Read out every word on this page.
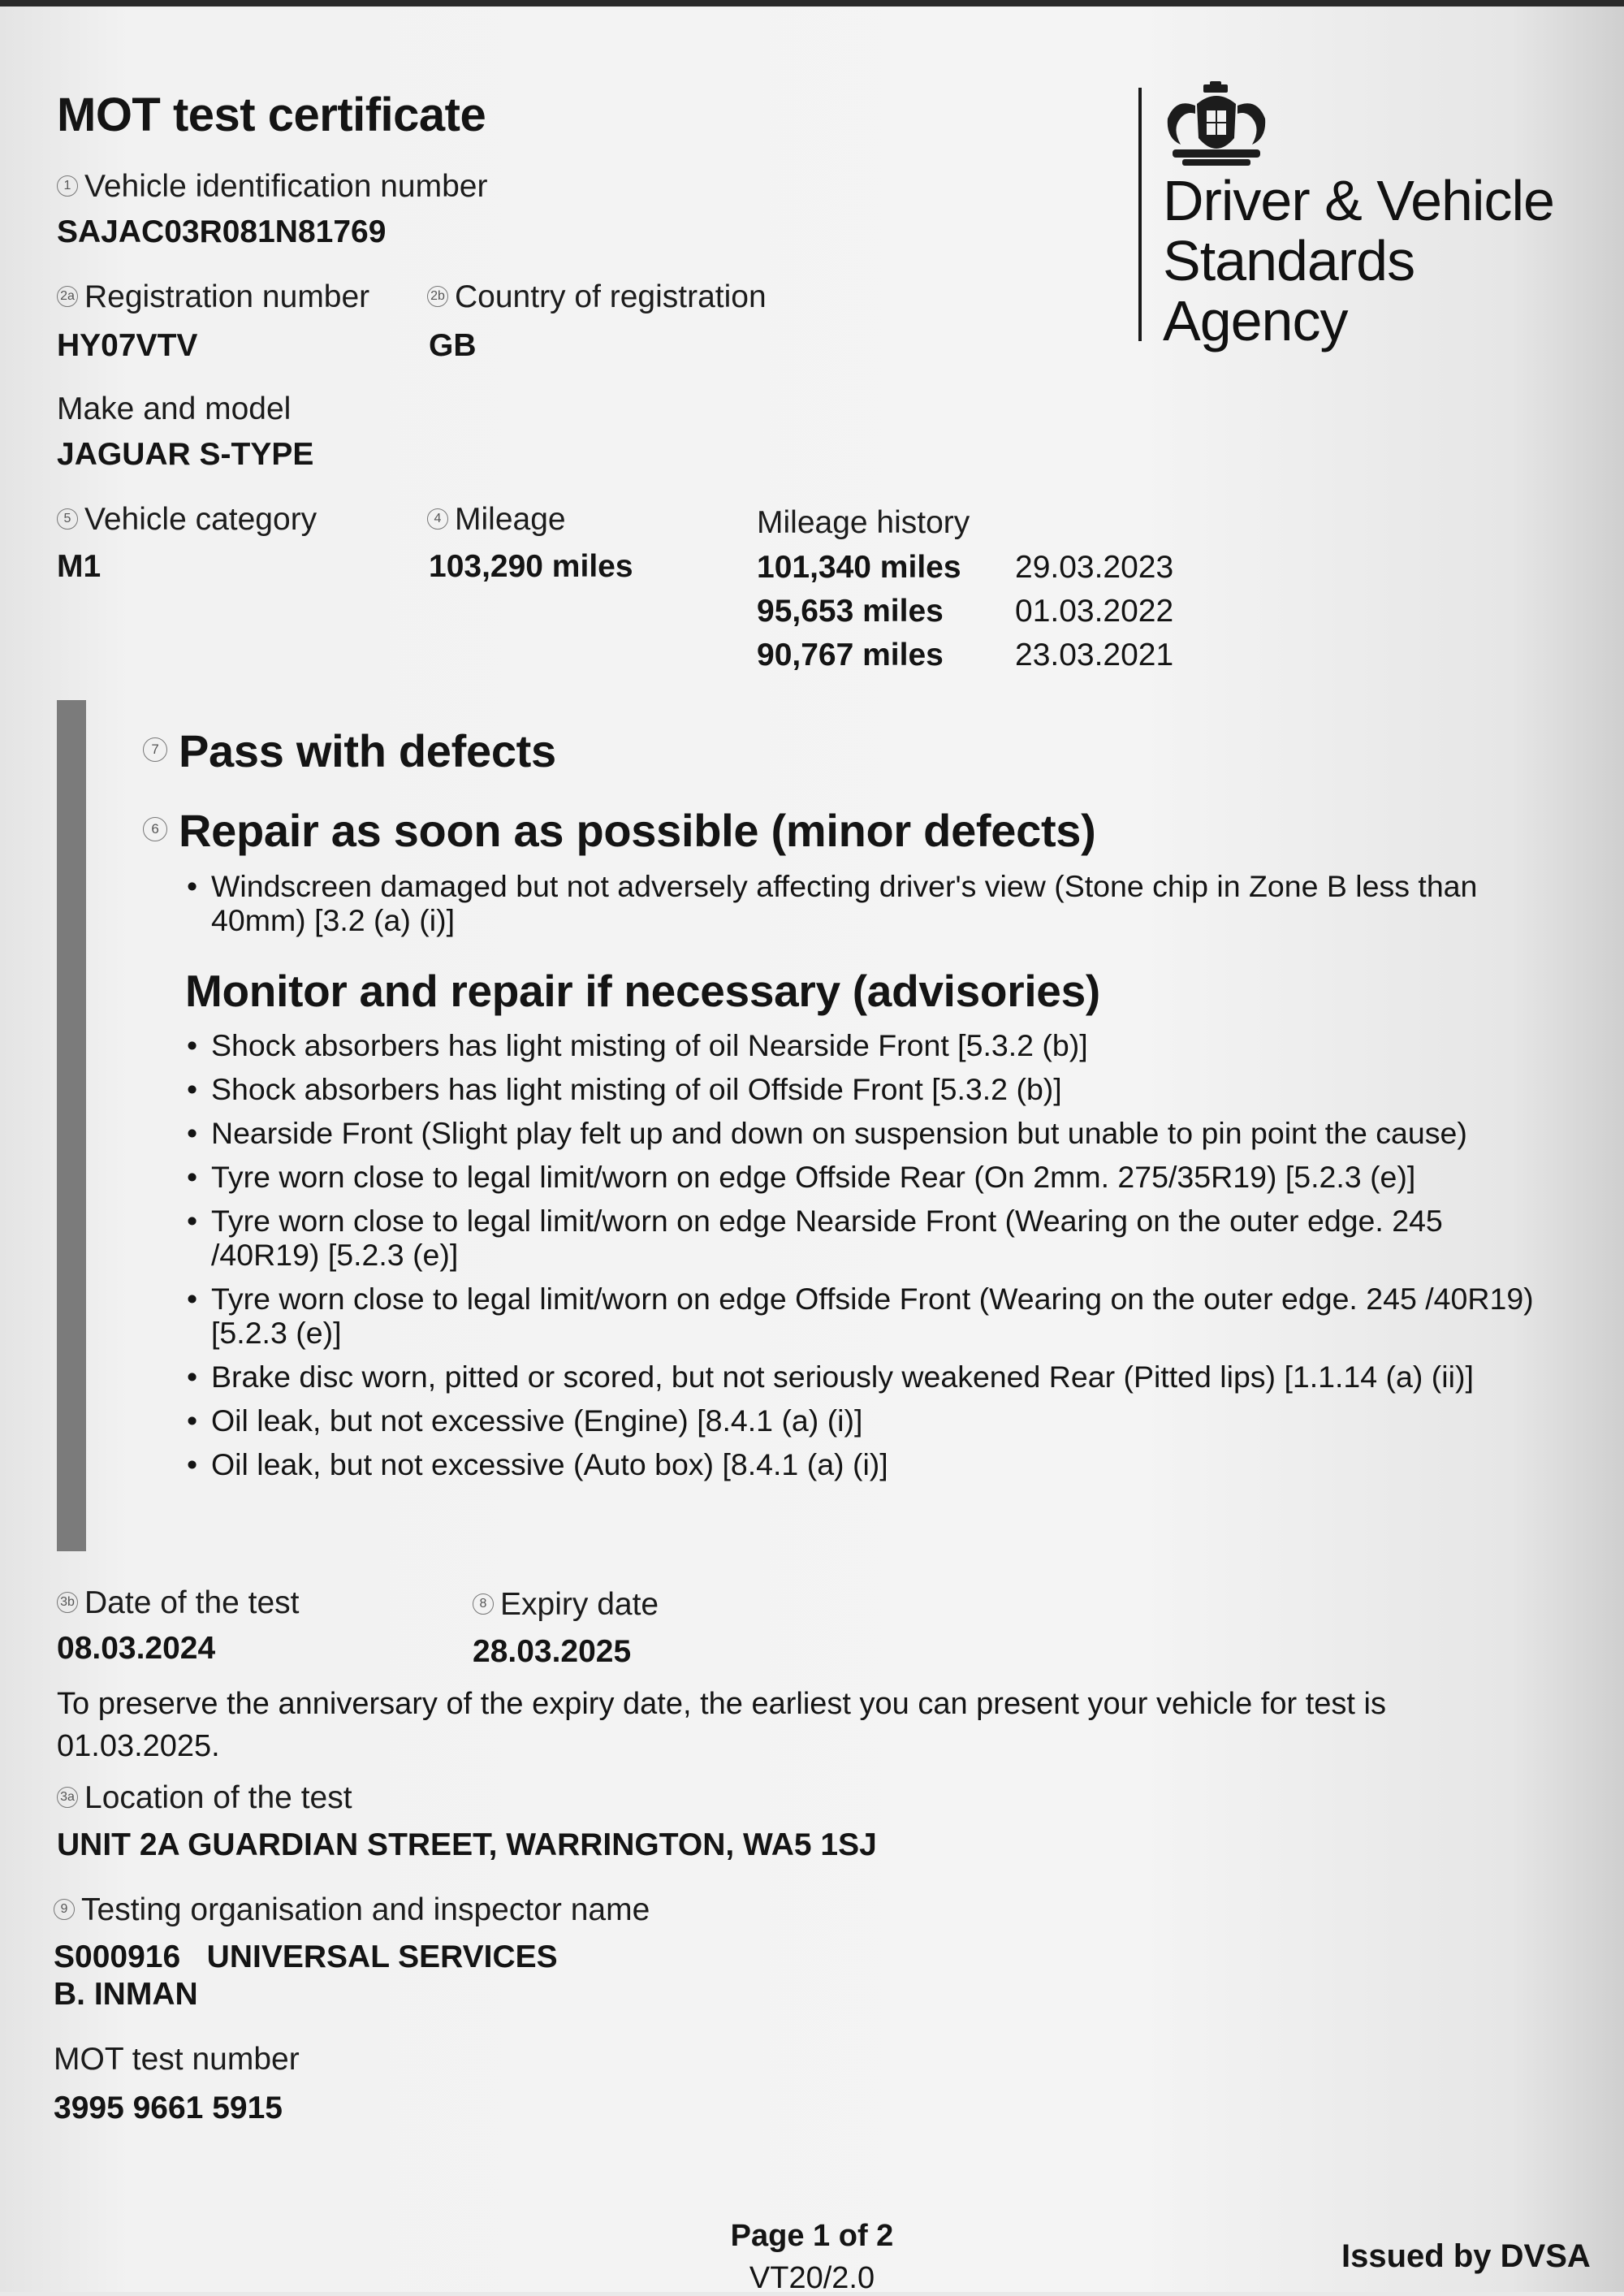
MOT test certificate
Driver & Vehicle
Standards
Agency
1 Vehicle identification number
SAJAC03R081N81769
2a Registration number
HY07VTV
2b Country of registration
GB
Make and model
JAGUAR S-TYPE
5 Vehicle category
M1
4 Mileage
103,290 miles
Mileage history
101,340 miles	29.03.2023
95,653 miles	01.03.2022
90,767 miles	23.03.2021
7 Pass with defects
6 Repair as soon as possible (minor defects)
• Windscreen damaged but not adversely affecting driver's view (Stone chip in Zone B less than 40mm) [3.2 (a) (i)]
Monitor and repair if necessary (advisories)
• Shock absorbers has light misting of oil Nearside Front [5.3.2 (b)]
• Shock absorbers has light misting of oil Offside Front [5.3.2 (b)]
• Nearside Front (Slight play felt up and down on suspension but unable to pin point the cause)
• Tyre worn close to legal limit/worn on edge Offside Rear (On 2mm. 275/35R19) [5.2.3 (e)]
• Tyre worn close to legal limit/worn on edge Nearside Front (Wearing on the outer edge. 245 /40R19) [5.2.3 (e)]
• Tyre worn close to legal limit/worn on edge Offside Front (Wearing on the outer edge. 245 /40R19) [5.2.3 (e)]
• Brake disc worn, pitted or scored, but not seriously weakened Rear (Pitted lips) [1.1.14 (a) (ii)]
• Oil leak, but not excessive (Engine) [8.4.1 (a) (i)]
• Oil leak, but not excessive (Auto box) [8.4.1 (a) (i)]
3b Date of the test
08.03.2024
8 Expiry date
28.03.2025
To preserve the anniversary of the expiry date, the earliest you can present your vehicle for test is 01.03.2025.
3a Location of the test
UNIT 2A GUARDIAN STREET, WARRINGTON, WA5 1SJ
9 Testing organisation and inspector name
S000916 UNIVERSAL SERVICES
B. INMAN
MOT test number
3995 9661 5915
Page 1 of 2
VT20/2.0
Issued by DVSA
